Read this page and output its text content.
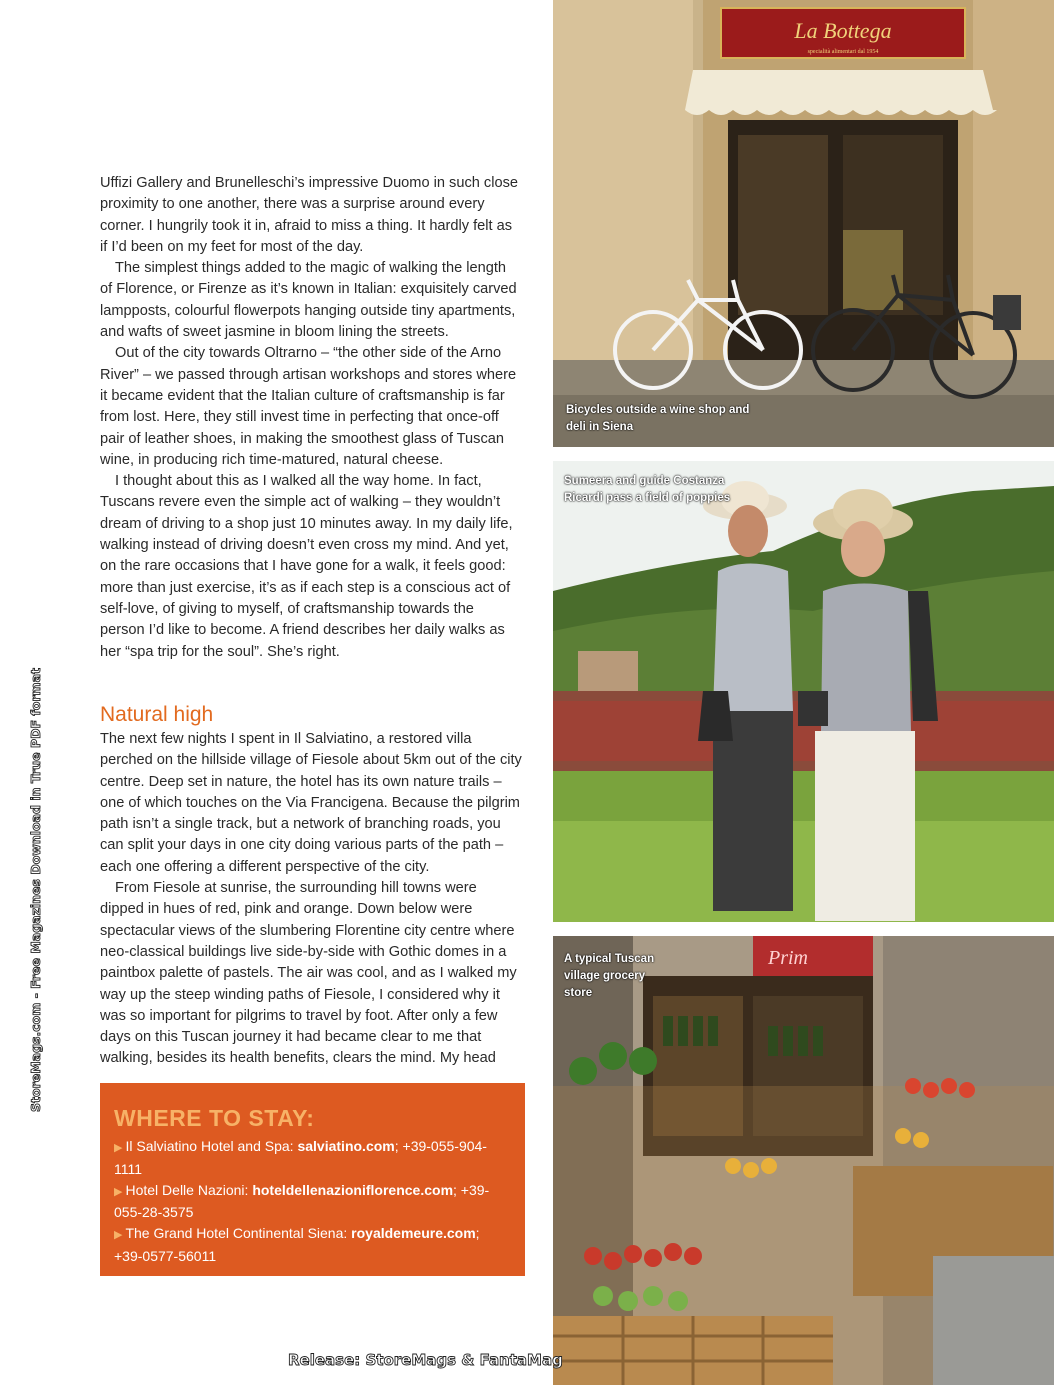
Uffizi Gallery and Brunelleschi’s impressive Duomo in such close proximity to one another, there was a surprise around every corner. I hungrily took it in, afraid to miss a thing. It hardly felt as if I’d been on my feet for most of the day.

The simplest things added to the magic of walking the length of Florence, or Firenze as it’s known in Italian: exquisitely carved lampposts, colourful flowerpots hanging outside tiny apartments, and wafts of sweet jasmine in bloom lining the streets.

Out of the city towards Oltrarno – “the other side of the Arno River” – we passed through artisan workshops and stores where it became evident that the Italian culture of craftsmanship is far from lost. Here, they still invest time in perfecting that once-off pair of leather shoes, in making the smoothest glass of Tuscan wine, in producing rich time-matured, natural cheese.

I thought about this as I walked all the way home. In fact, Tuscans revere even the simple act of walking – they wouldn’t dream of driving to a shop just 10 minutes away. In my daily life, walking instead of driving doesn’t even cross my mind. And yet, on the rare occasions that I have gone for a walk, it feels good: more than just exercise, it’s as if each step is a conscious act of self-love, of giving to myself, of craftsmanship towards the person I’d like to become. A friend describes her daily walks as her “spa trip for the soul”. She’s right.

Natural high

The next few nights I spent in Il Salviatino, a restored villa perched on the hillside village of Fiesole about 5km out of the city centre. Deep set in nature, the hotel has its own nature trails – one of which touches on the Via Francigena. Because the pilgrim path isn’t a single track, but a network of branching roads, you can split your days in one city doing various parts of the path – each one offering a different perspective of the city.

From Fiesole at sunrise, the surrounding hill towns were dipped in hues of red, pink and orange. Down below were spectacular views of the slumbering Florentine city centre where neo-classical buildings live side-by-side with Gothic domes in a paintbox palette of pastels. The air was cool, and as I walked my way up the steep winding paths of Fiesole, I considered why it was so important for pilgrims to travel by foot. After only a few days on this Tuscan journey it had became clear to me that walking, besides its health benefits, clears the mind. My head

WHERE TO STAY:
▶ Il Salviatino Hotel and Spa: salviatino.com; +39-055-904-1111
▶ Hotel Delle Nazioni: hoteldellenazioniflorence.com; +39-055-28-3575
▶ The Grand Hotel Continental Siena: royaldemeure.com; +39-0577-56011
La Bottega
specialità alimentari dal 1954
Bicycles outside a wine shop and deli in Siena
Sumeera and guide Costanza Ricardi pass a field of poppies
Prim
A typical Tuscan village grocery store
StoreMags.com - Free Magazines Download in True PDF format
Release: StoreMags & FantaMag
